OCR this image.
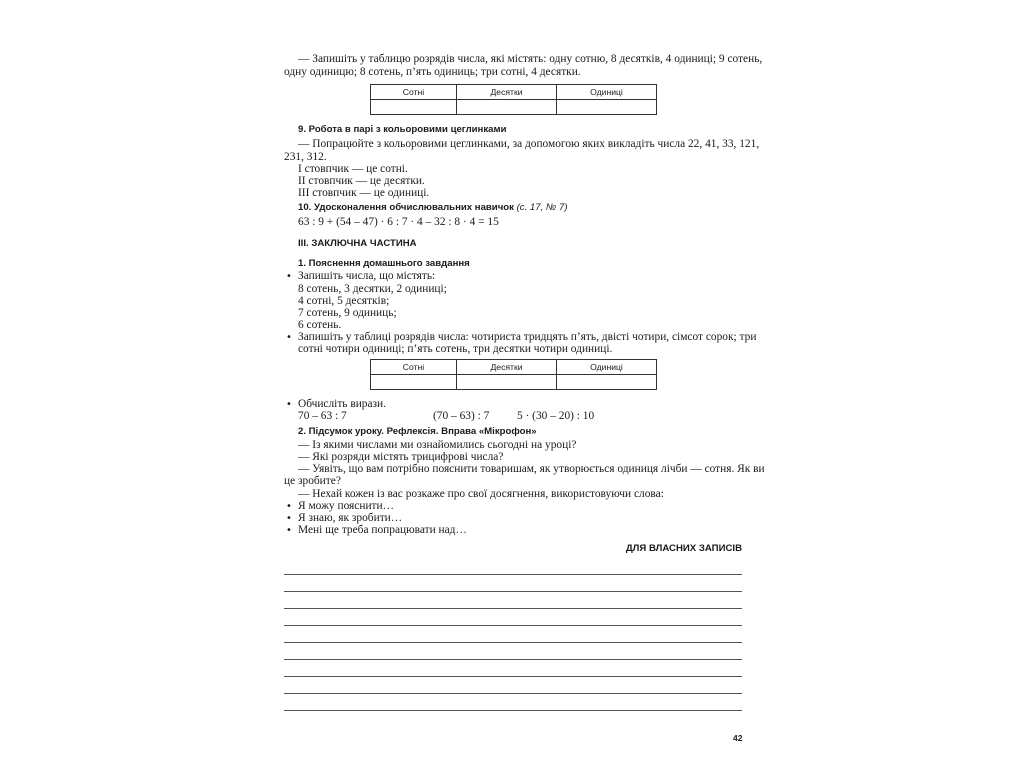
— Запишіть у таблицю розрядів числа, які містять: одну сотню, 8 десятків, 4 одиниці; 9 сотень,
одну одиницю; 8 сотень, п’ять одиниць; три сотні, 4 десятки.
Сотні	Десятки	Одиниці

9. Робота в парі з кольоровими цеглинками
— Попрацюйте з кольоровими цеглинками, за допомогою яких викладіть числа 22, 41, 33, 121,
231, 312.
І стовпчик — це сотні.
ІІ стовпчик — це десятки.
ІІІ стовпчик — це одиниці.
10. Удосконалення обчислювальних навичок (с. 17, № 7)
63 : 9 + (54 – 47) · 6 : 7 · 4 – 32 : 8 · 4 = 15
ІІІ. ЗАКЛЮЧНА ЧАСТИНА
1. Пояснення домашнього завдання
• Запишіть числа, що містять:
8 сотень, 3 десятки, 2 одиниці;
4 сотні, 5 десятків;
7 сотень, 9 одиниць;
6 сотень.
• Запишіть у таблиці розрядів числа: чотириста тридцять п’ять, двісті чотири, сімсот сорок; три
сотні чотири одиниці; п’ять сотень, три десятки чотири одиниці.
Сотні	Десятки	Одиниці

• Обчисліть вирази.
70 – 63 : 7	(70 – 63) : 7 5 · (30 – 20) : 10
2. Підсумок уроку. Рефлексія. Вправа «Мікрофон»
— Із якими числами ми ознайомились сьогодні на уроці?
— Які розряди містять трицифрові числа?
— Уявіть, що вам потрібно пояснити товаришам, як утворюється одиниця лічби — сотня. Як ви
це зробите?
— Нехай кожен із вас розкаже про свої досягнення, використовуючи слова:
• Я можу пояснити…
• Я знаю, як зробити…
• Мені ще треба попрацювати над…
ДЛЯ ВЛАСНИХ ЗАПИСІВ
42
